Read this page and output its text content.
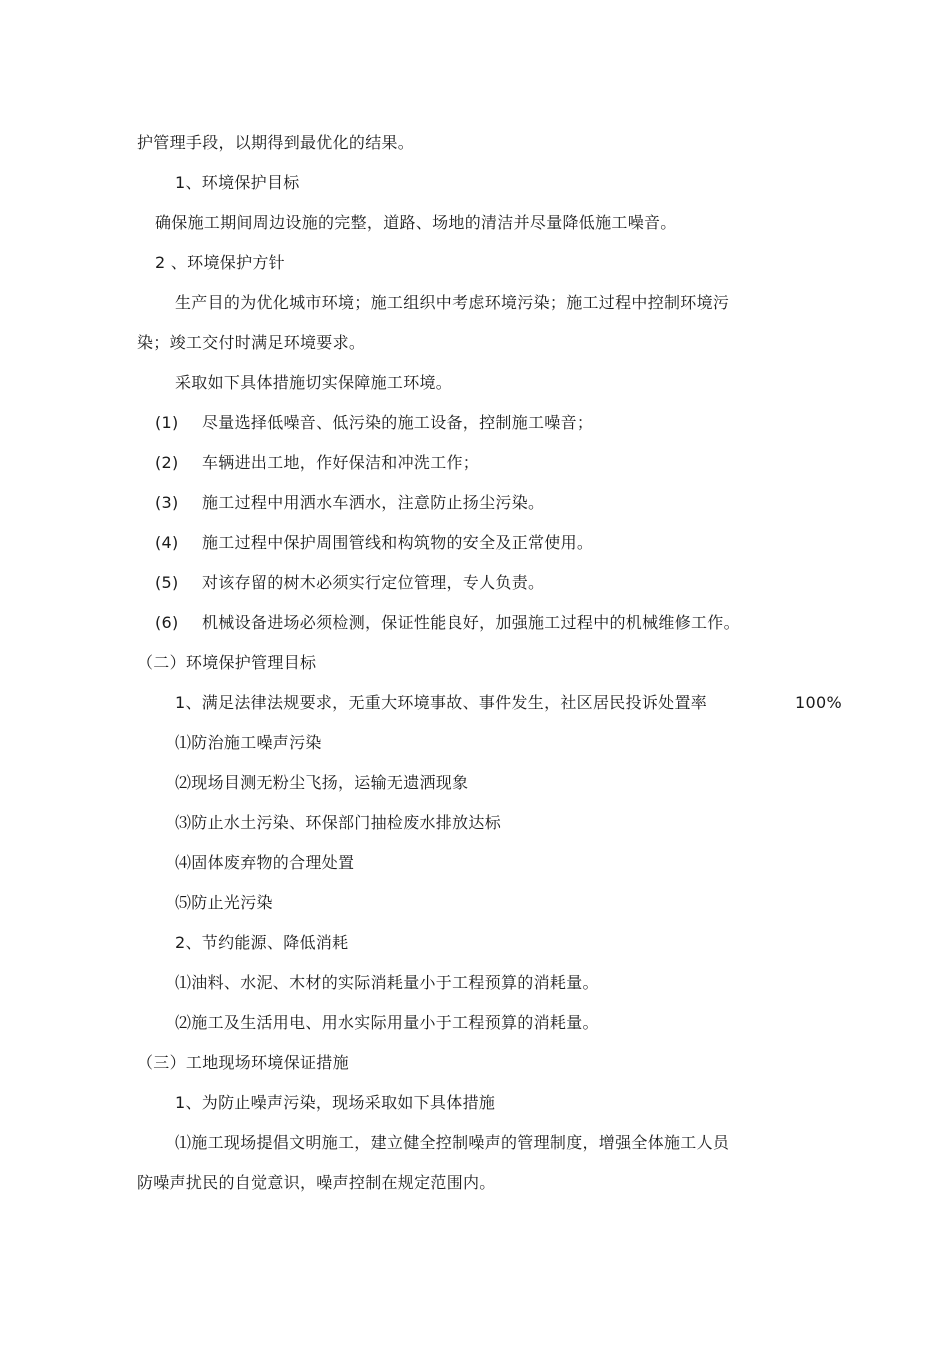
护管理手段，以期得到最优化的结果。
1、环境保护目标
确保施工期间周边设施的完整，道路、场地的清洁并尽量降低施工噪音。
2 、环境保护方针
生产目的为优化城市环境；施工组织中考虑环境污染；施工过程中控制环境污
染；竣工交付时满足环境要求。
采取如下具体措施切实保障施工环境。
(1) 尽量选择低噪音、低污染的施工设备，控制施工噪音；
(2) 车辆进出工地，作好保洁和冲洗工作；
(3) 施工过程中用洒水车洒水，注意防止扬尘污染。
(4) 施工过程中保护周围管线和构筑物的安全及正常使用。
(5) 对该存留的树木必须实行定位管理，专人负责。
(6) 机械设备进场必须检测，保证性能良好，加强施工过程中的机械维修工作。
（二）环境保护管理目标
1、满足法律法规要求，无重大环境事故、事件发生，社区居民投诉处置率	100%
⑴防治施工噪声污染
⑵现场目测无粉尘飞扬，运输无遗洒现象
⑶防止水土污染、环保部门抽检废水排放达标
⑷固体废弃物的合理处置
⑸防止光污染
2、节约能源、降低消耗
⑴油料、水泥、木材的实际消耗量小于工程预算的消耗量。
⑵施工及生活用电、用水实际用量小于工程预算的消耗量。
（三）工地现场环境保证措施
1、为防止噪声污染，现场采取如下具体措施
⑴施工现场提倡文明施工，建立健全控制噪声的管理制度，增强全体施工人员
防噪声扰民的自觉意识，噪声控制在规定范围内。
